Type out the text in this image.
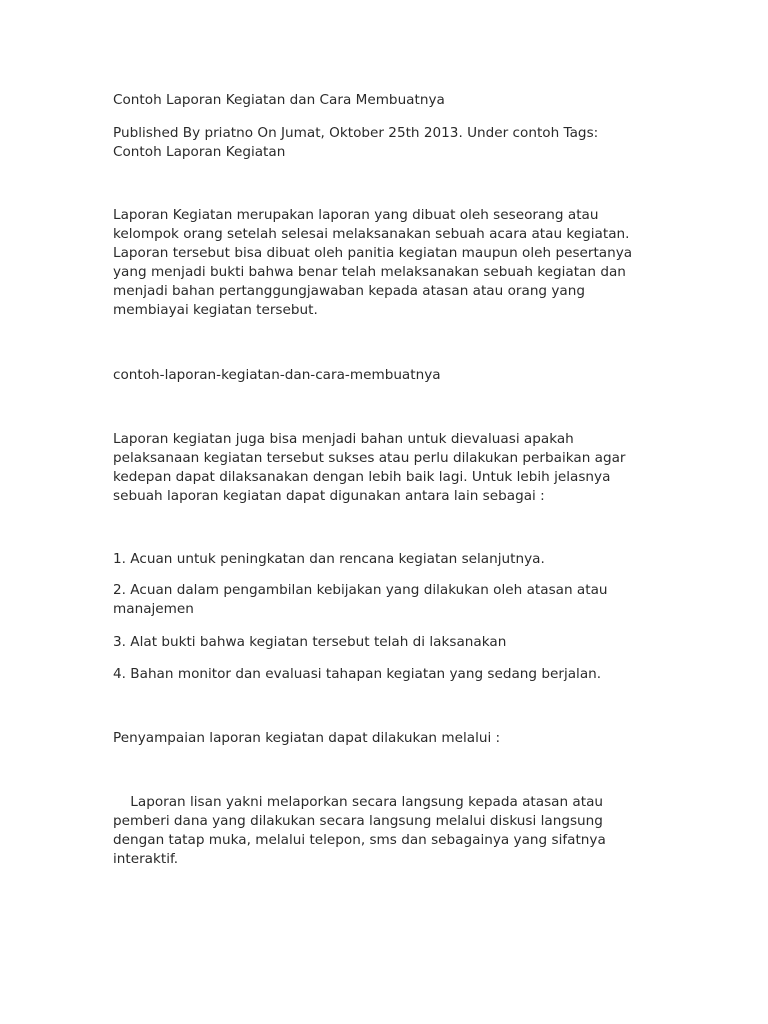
Contoh Laporan Kegiatan dan Cara Membuatnya

Published By priatno On Jumat, Oktober 25th 2013. Under contoh Tags:
Contoh Laporan Kegiatan

Laporan Kegiatan merupakan laporan yang dibuat oleh seseorang atau
kelompok orang setelah selesai melaksanakan sebuah acara atau kegiatan.
Laporan tersebut bisa dibuat oleh panitia kegiatan maupun oleh pesertanya
yang menjadi bukti bahwa benar telah melaksanakan sebuah kegiatan dan
menjadi bahan pertanggungjawaban kepada atasan atau orang yang
membiayai kegiatan tersebut.

contoh-laporan-kegiatan-dan-cara-membuatnya

Laporan kegiatan juga bisa menjadi bahan untuk dievaluasi apakah
pelaksanaan kegiatan tersebut sukses atau perlu dilakukan perbaikan agar
kedepan dapat dilaksanakan dengan lebih baik lagi. Untuk lebih jelasnya
sebuah laporan kegiatan dapat digunakan antara lain sebagai :

1. Acuan untuk peningkatan dan rencana kegiatan selanjutnya.

2. Acuan dalam pengambilan kebijakan yang dilakukan oleh atasan atau
manajemen

3. Alat bukti bahwa kegiatan tersebut telah di laksanakan

4. Bahan monitor dan evaluasi tahapan kegiatan yang sedang berjalan.

Penyampaian laporan kegiatan dapat dilakukan melalui :

Laporan lisan yakni melaporkan secara langsung kepada atasan atau
pemberi dana yang dilakukan secara langsung melalui diskusi langsung
dengan tatap muka, melalui telepon, sms dan sebagainya yang sifatnya
interaktif.
